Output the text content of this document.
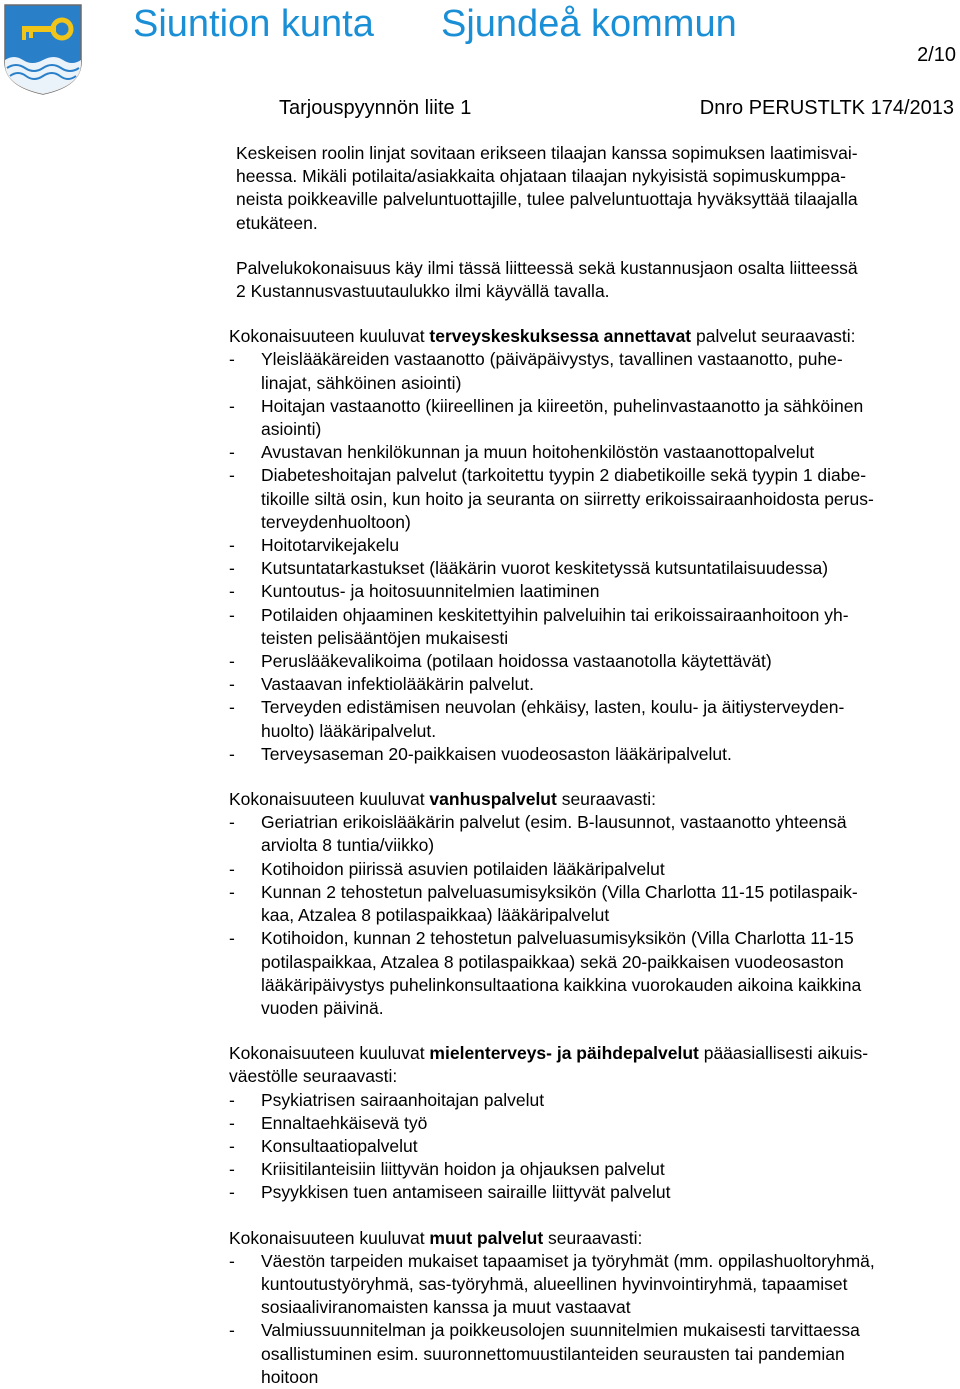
Siuntion kunta Sjundeå kommun
2/10
Tarjouspyynnön liite 1	Dnro PERUSTLTK 174/2013
Keskeisen roolin linjat sovitaan erikseen tilaajan kanssa sopimuksen laatimisvai-
heessa. Mikäli potilaita/asiakkaita ohjataan tilaajan nykyisistä sopimuskumppa-
neista poikkeaville palveluntuottajille, tulee palveluntuottaja hyväksyttää tilaajalla
etukäteen.
Palvelukokonaisuus käy ilmi tässä liitteessä sekä kustannusjaon osalta liitteessä
2 Kustannusvastuutaulukko ilmi käyvällä tavalla.
Kokonaisuuteen kuuluvat terveyskeskuksessa annettavat palvelut seuraavasti:
- Yleislääkäreiden vastaanotto (päiväpäivystys, tavallinen vastaanotto, puhe-
linajat, sähköinen asiointi)
- Hoitajan vastaanotto (kiireellinen ja kiireetön, puhelinvastaanotto ja sähköinen
asiointi)
- Avustavan henkilökunnan ja muun hoitohenkilöstön vastaanottopalvelut
- Diabeteshoitajan palvelut (tarkoitettu tyypin 2 diabetikoille sekä tyypin 1 diabe-
tikoille siltä osin, kun hoito ja seuranta on siirretty erikoissairaanhoidosta perus-
terveydenhuoltoon)
- Hoitotarvikejakelu
- Kutsuntatarkastukset (lääkärin vuorot keskitetyssä kutsuntatilaisuudessa)
- Kuntoutus- ja hoitosuunnitelmien laatiminen
- Potilaiden ohjaaminen keskitettyihin palveluihin tai erikoissairaanhoitoon yh-
teisten pelisääntöjen mukaisesti
- Peruslääkevalikoima (potilaan hoidossa vastaanotolla käytettävät)
- Vastaavan infektiolääkärin palvelut.
- Terveyden edistämisen neuvolan (ehkäisy, lasten, koulu- ja äitiysterveyden-
huolto) lääkäripalvelut.
- Terveysaseman 20-paikkaisen vuodeosaston lääkäripalvelut.
Kokonaisuuteen kuuluvat vanhuspalvelut seuraavasti:
- Geriatrian erikoislääkärin palvelut (esim. B-lausunnot, vastaanotto yhteensä
arviolta 8 tuntia/viikko)
- Kotihoidon piirissä asuvien potilaiden lääkäripalvelut
- Kunnan 2 tehostetun palveluasumisyksikön (Villa Charlotta 11-15 potilaspaik-
kaa, Atzalea 8 potilaspaikkaa) lääkäripalvelut
- Kotihoidon, kunnan 2 tehostetun palveluasumisyksikön (Villa Charlotta 11-15
potilaspaikkaa, Atzalea 8 potilaspaikkaa) sekä 20-paikkaisen vuodeosaston
lääkäripäivystys puhelinkonsultaationa kaikkina vuorokauden aikoina kaikkina
vuoden päivinä.
Kokonaisuuteen kuuluvat mielenterveys- ja päihdepalvelut pääasiallisesti aikuis-
väestölle seuraavasti:
- Psykiatrisen sairaanhoitajan palvelut
- Ennaltaehkäisevä työ
- Konsultaatiopalvelut
- Kriisitilanteisiin liittyvän hoidon ja ohjauksen palvelut
- Psyykkisen tuen antamiseen sairaille liittyvät palvelut
Kokonaisuuteen kuuluvat muut palvelut seuraavasti:
- Väestön tarpeiden mukaiset tapaamiset ja työryhmät (mm. oppilashuoltoryhmä,
kuntoutustyöryhmä, sas-työryhmä, alueellinen hyvinvointiryhmä, tapaamiset
sosiaaliviranomaisten kanssa ja muut vastaavat
- Valmiussuunnitelman ja poikkeusolojen suunnitelmien mukaisesti tarvittaessa
osallistuminen esim. suuronnettomuustilanteiden seurausten tai pandemian
hoitoon
